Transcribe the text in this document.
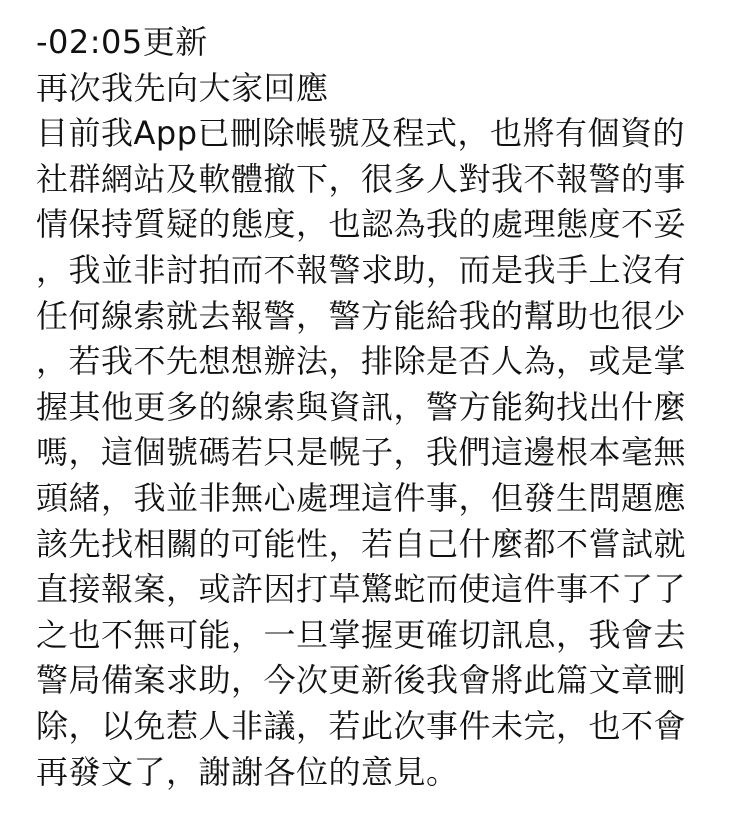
-02:05更新
再次我先向大家回應
目前我App已刪除帳號及程式，也將有個資的
社群網站及軟體撤下，很多人對我不報警的事
情保持質疑的態度，也認為我的處理態度不妥
，我並非討拍而不報警求助，而是我手上沒有
任何線索就去報警，警方能給我的幫助也很少
，若我不先想想辦法，排除是否人為，或是掌
握其他更多的線索與資訊，警方能夠找出什麼
嗎，這個號碼若只是幌子，我們這邊根本毫無
頭緒，我並非無心處理這件事，但發生問題應
該先找相關的可能性，若自己什麼都不嘗試就
直接報案，或許因打草驚蛇而使這件事不了了
之也不無可能，一旦掌握更確切訊息，我會去
警局備案求助，今次更新後我會將此篇文章刪
除，以免惹人非議，若此次事件未完，也不會
再發文了，謝謝各位的意見。
